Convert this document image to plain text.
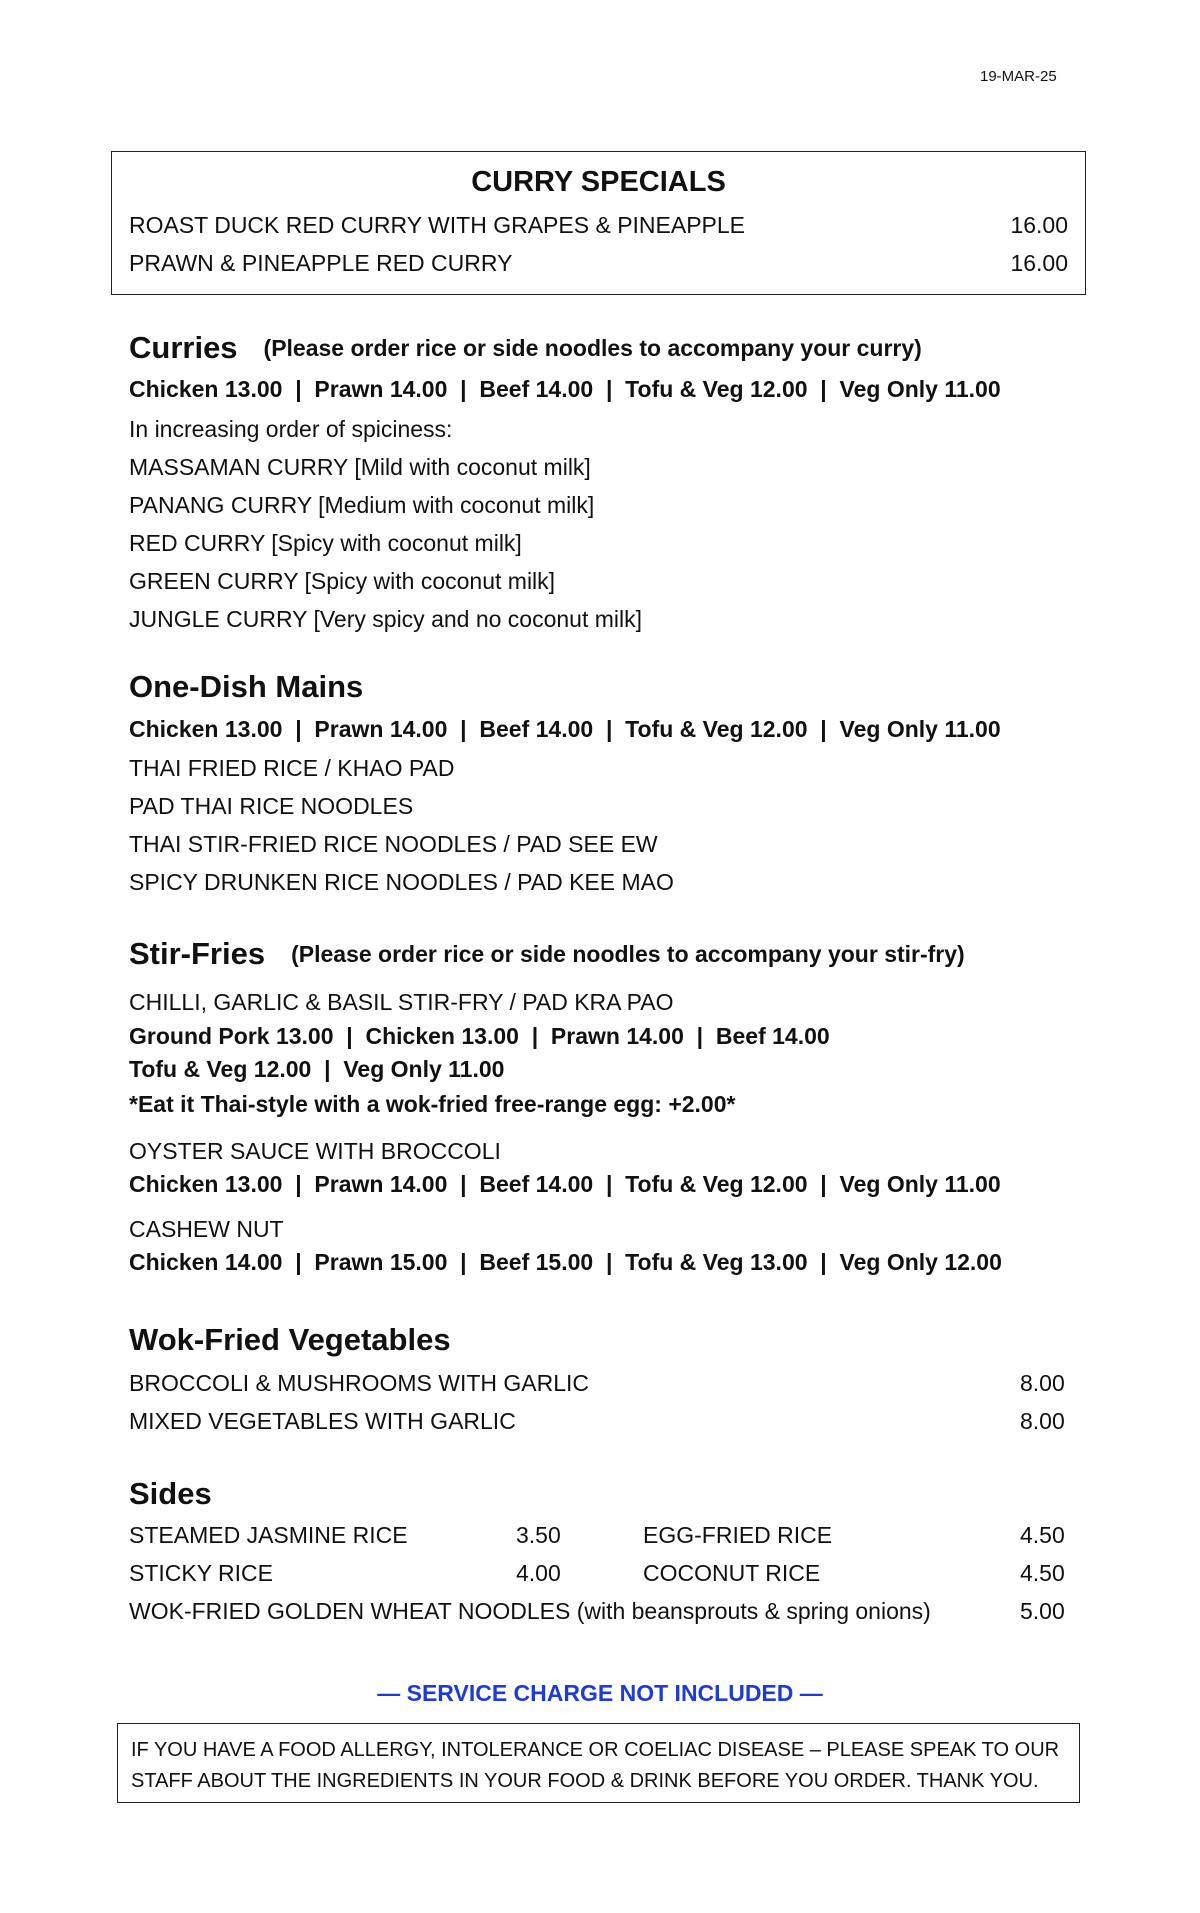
19-MAR-25
CURRY SPECIALS
ROAST DUCK RED CURRY WITH GRAPES & PINEAPPLE	16.00
PRAWN & PINEAPPLE RED CURRY	16.00
Curries (Please order rice or side noodles to accompany your curry)
Chicken 13.00  |  Prawn 14.00  |  Beef 14.00  |  Tofu & Veg 12.00  |  Veg Only 11.00
In increasing order of spiciness:
MASSAMAN CURRY [Mild with coconut milk]
PANANG CURRY [Medium with coconut milk]
RED CURRY [Spicy with coconut milk]
GREEN CURRY [Spicy with coconut milk]
JUNGLE CURRY [Very spicy and no coconut milk]
One-Dish Mains
Chicken 13.00  |  Prawn 14.00  |  Beef 14.00  |  Tofu & Veg 12.00  |  Veg Only 11.00
THAI FRIED RICE / KHAO PAD
PAD THAI RICE NOODLES
THAI STIR-FRIED RICE NOODLES / PAD SEE EW
SPICY DRUNKEN RICE NOODLES / PAD KEE MAO
Stir-Fries (Please order rice or side noodles to accompany your stir-fry)
CHILLI, GARLIC & BASIL STIR-FRY / PAD KRA PAO
Ground Pork 13.00  |  Chicken 13.00  |  Prawn 14.00  |  Beef 14.00
Tofu & Veg 12.00  |  Veg Only 11.00
*Eat it Thai-style with a wok-fried free-range egg: +2.00*
OYSTER SAUCE WITH BROCCOLI
Chicken 13.00  |  Prawn 14.00  |  Beef 14.00  |  Tofu & Veg 12.00  |  Veg Only 11.00
CASHEW NUT
Chicken 14.00  |  Prawn 15.00  |  Beef 15.00  |  Tofu & Veg 13.00  |  Veg Only 12.00
Wok-Fried Vegetables
BROCCOLI & MUSHROOMS WITH GARLIC	8.00
MIXED VEGETABLES WITH GARLIC	8.00
Sides
STEAMED JASMINE RICE	3.50	EGG-FRIED RICE	4.50
STICKY RICE	4.00	COCONUT RICE	4.50
WOK-FRIED GOLDEN WHEAT NOODLES (with beansprouts & spring onions)	5.00
— SERVICE CHARGE NOT INCLUDED —
IF YOU HAVE A FOOD ALLERGY, INTOLERANCE OR COELIAC DISEASE – PLEASE SPEAK TO OUR STAFF ABOUT THE INGREDIENTS IN YOUR FOOD & DRINK BEFORE YOU ORDER. THANK YOU.
